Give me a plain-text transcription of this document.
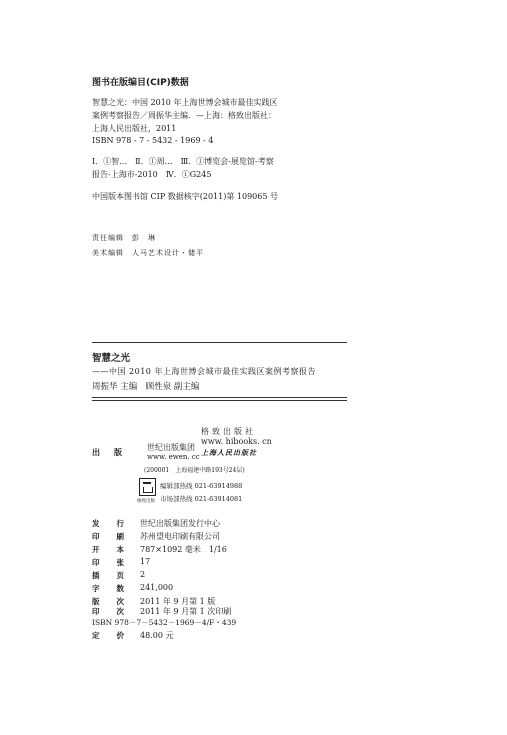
图书在版编目(CIP)数据
智慧之光：中国 2010 年上海世博会城市最佳实践区
案例考察报告／周振华主编．—上海：格致出版社：
上海人民出版社，2011
ISBN 978 - 7 - 5432 - 1969 - 4
Ⅰ．①智…　Ⅱ．①周…　Ⅲ．①博览会-展览馆-考察
报告-上海市-2010　Ⅳ．①G245
中国版本图书馆 CIP 数据核字(2011)第 109065 号
责任编辑　彭　琳
美术编辑　人马艺术设计・储平
智慧之光
——中国 2010 年上海世博会城市最佳实践区案例考察报告
周振华 主编　顾性泉 副主编
格致出版社
www. hibooks. cn
上海人民出版社
出版
世纪出版集团
www. ewen. cc
(200001　上海福建中路193号24层)
格致出版
编辑部热线 021-63914988
市场部热线 021-63914081
发行 世纪出版集团发行中心
印刷 苏州望电印刷有限公司
开本 787×1092 毫米　1/16
印张 17
插页 2
字数 241,000
版次 2011 年 9 月第 1 版
印次 2011 年 9 月第 1 次印刷
ISBN 978－7－5432－1969－4/F・439
定价 48.00 元
